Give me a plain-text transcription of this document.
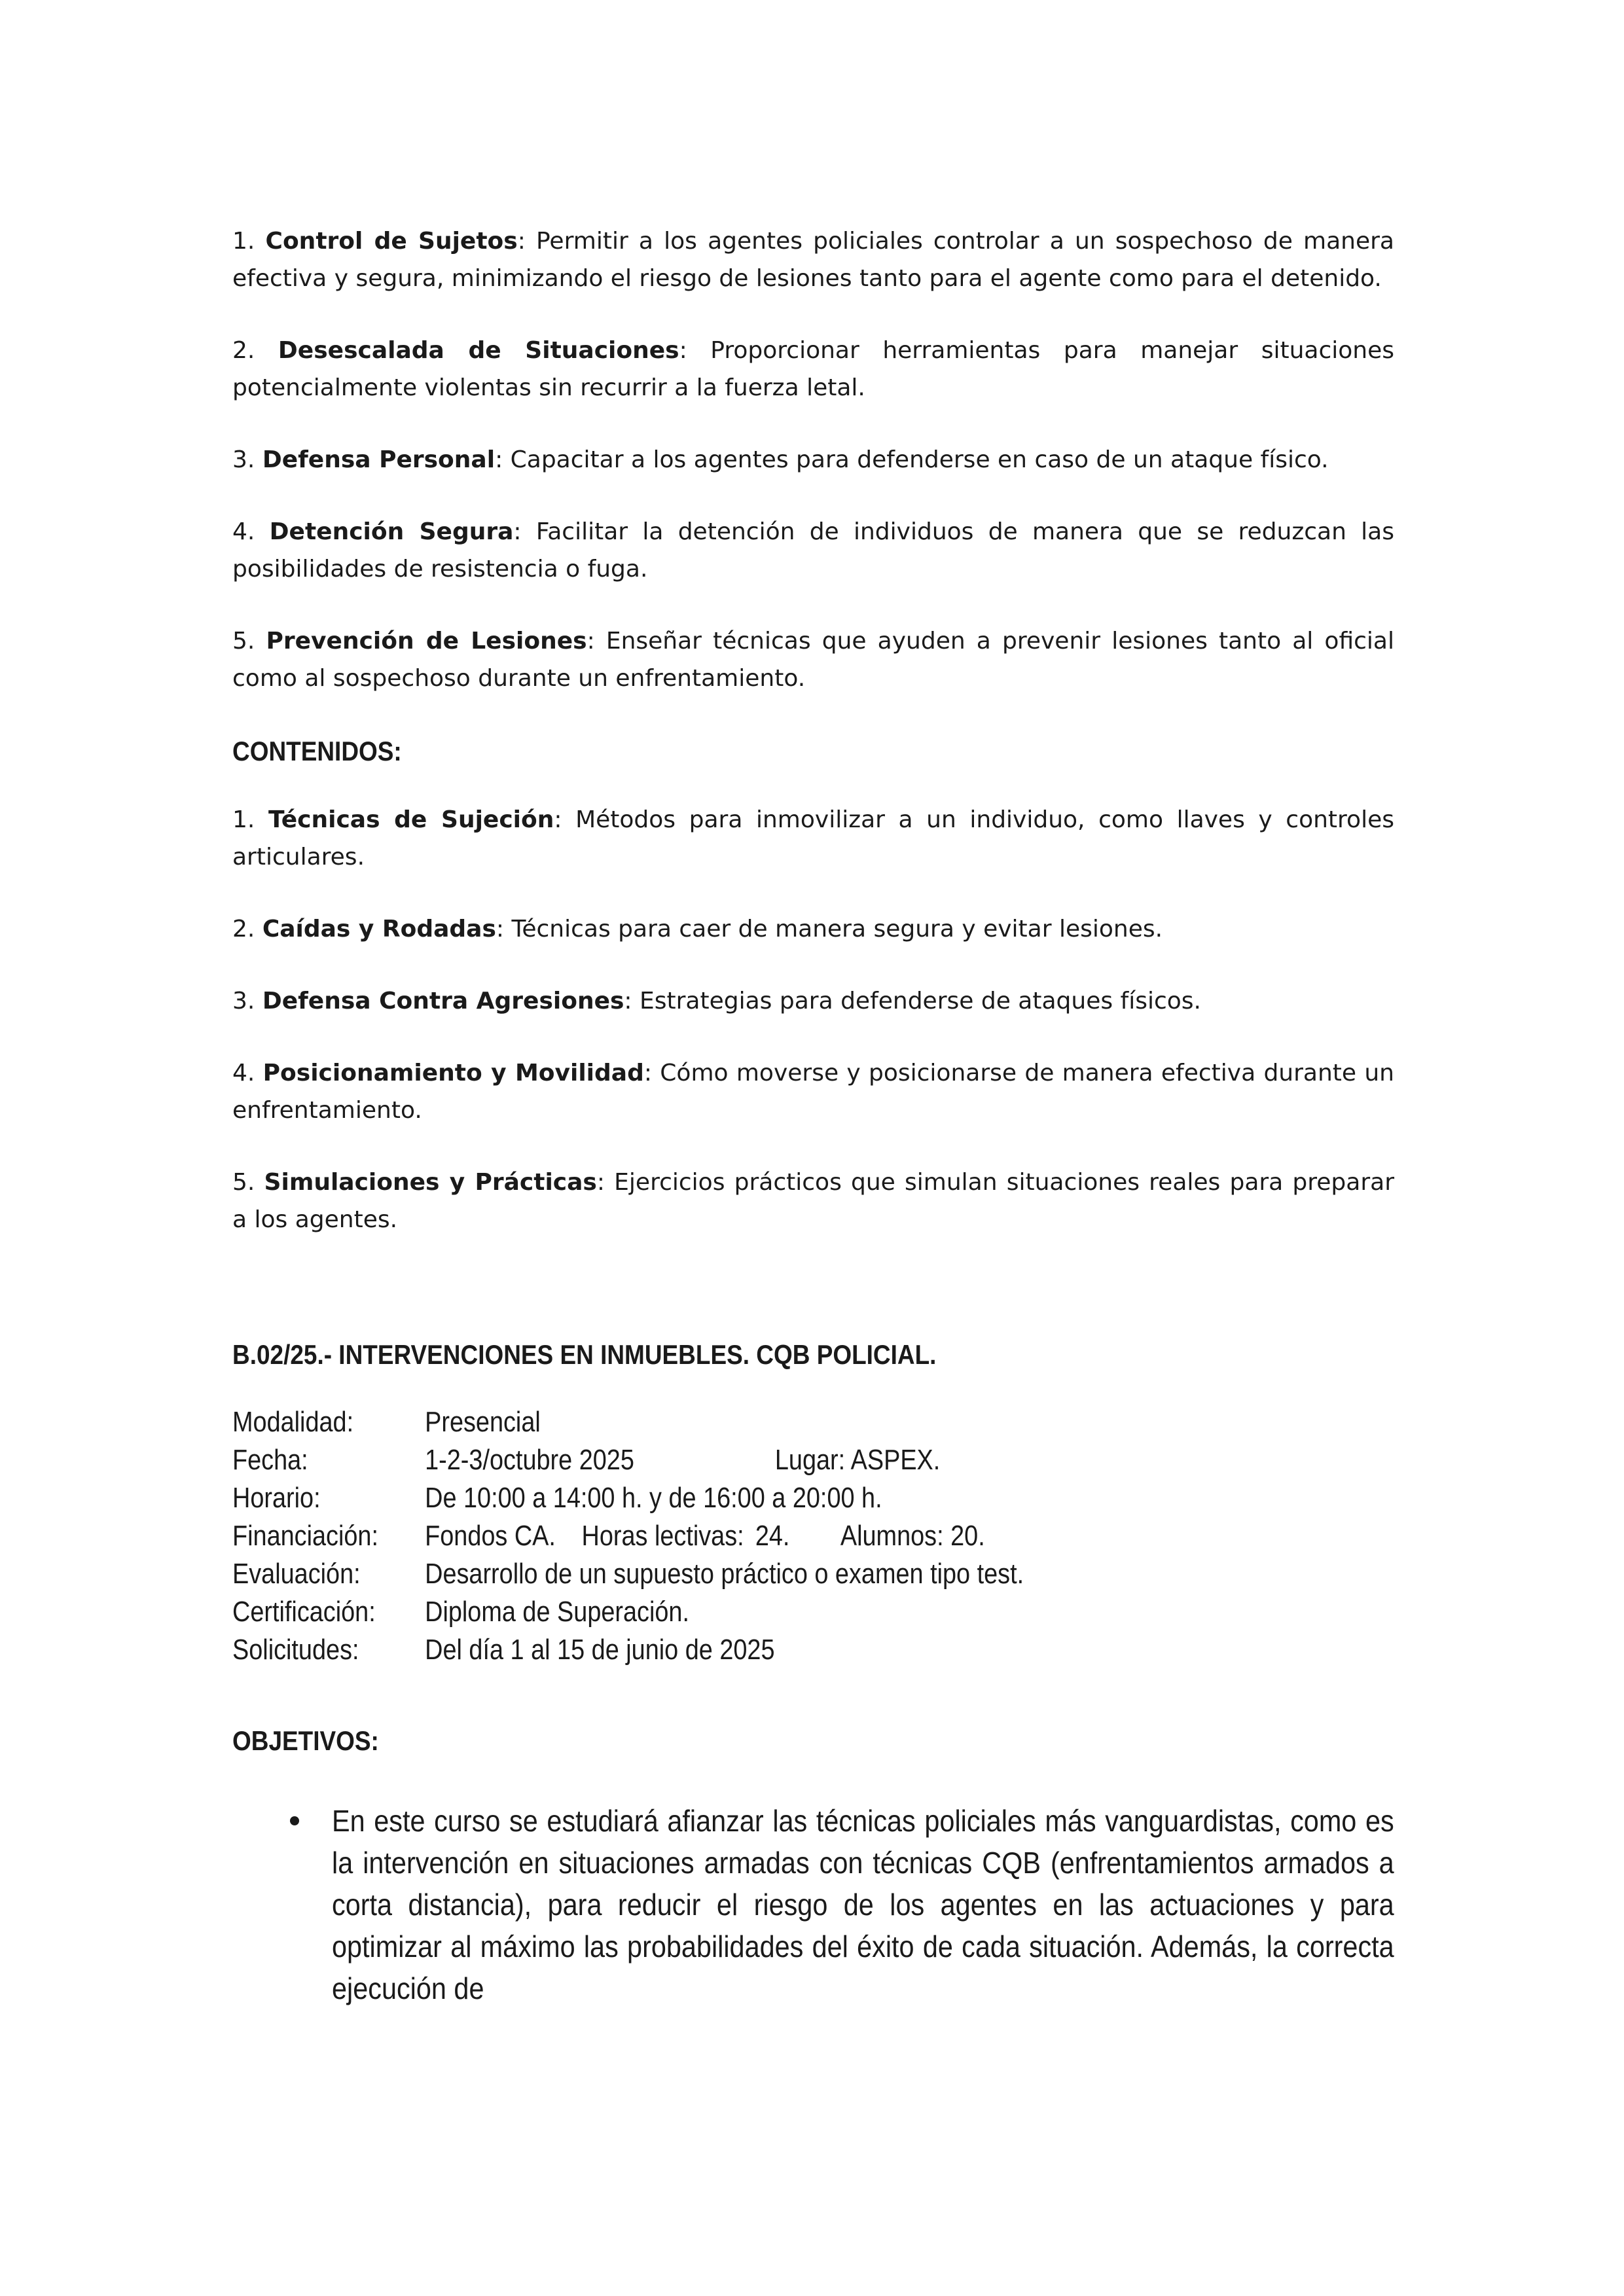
1. Control de Sujetos: Permitir a los agentes policiales controlar a un sospechoso de manera efectiva y segura, minimizando el riesgo de lesiones tanto para el agente como para el detenido.

2. Desescalada de Situaciones: Proporcionar herramientas para manejar situaciones potencialmente violentas sin recurrir a la fuerza letal.

3. Defensa Personal: Capacitar a los agentes para defenderse en caso de un ataque físico.

4. Detención Segura: Facilitar la detención de individuos de manera que se reduzcan las posibilidades de resistencia o fuga.

5. Prevención de Lesiones: Enseñar técnicas que ayuden a prevenir lesiones tanto al oficial como al sospechoso durante un enfrentamiento.

CONTENIDOS:

1. Técnicas de Sujeción: Métodos para inmovilizar a un individuo, como llaves y controles articulares.

2. Caídas y Rodadas: Técnicas para caer de manera segura y evitar lesiones.

3. Defensa Contra Agresiones: Estrategias para defenderse de ataques físicos.

4. Posicionamiento y Movilidad: Cómo moverse y posicionarse de manera efectiva durante un enfrentamiento.

5. Simulaciones y Prácticas: Ejercicios prácticos que simulan situaciones reales para preparar a los agentes.

B.02/25.- INTERVENCIONES EN INMUEBLES. CQB POLICIAL.
Modalidad:	Presencial
Fecha:	1-2-3/octubre 2025	Lugar: ASPEX.
Horario:	De 10:00 a 14:00 h. y de 16:00 a 20:00 h.
Financiación:	Fondos CA. Horas lectivas: 24. Alumnos: 20.
Evaluación:	Desarrollo de un supuesto práctico o examen tipo test.
Certificación:	Diploma de Superación.
Solicitudes:	Del día 1 al 15 de junio de 2025
OBJETIVOS:
En este curso se estudiará afianzar las técnicas policiales más vanguardistas, como es la intervención en situaciones armadas con técnicas CQB (enfrentamientos armados a corta distancia), para reducir el riesgo de los agentes en las actuaciones y para optimizar al máximo las probabilidades del éxito de cada situación. Además, la correcta ejecución de
